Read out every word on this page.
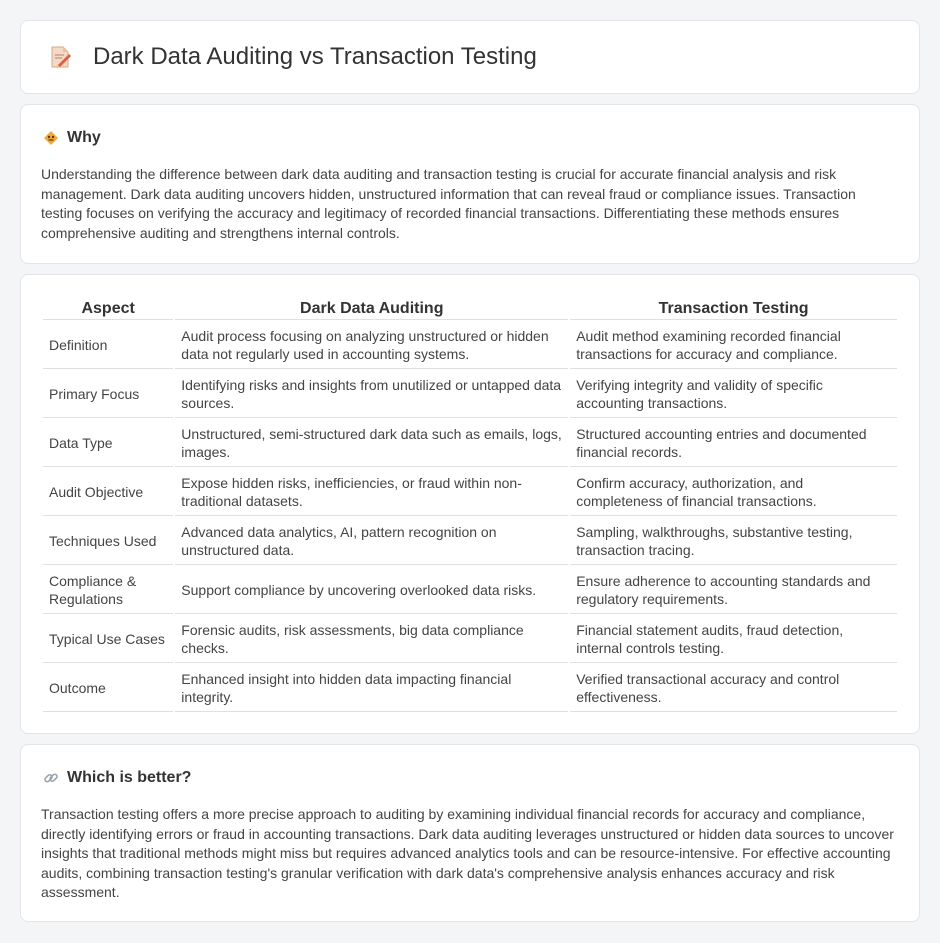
Dark Data Auditing vs Transaction Testing
Why

Understanding the difference between dark data auditing and transaction testing is crucial for accurate financial analysis and risk management. Dark data auditing uncovers hidden, unstructured information that can reveal fraud or compliance issues. Transaction testing focuses on verifying the accuracy and legitimacy of recorded financial transactions. Differentiating these methods ensures comprehensive auditing and strengthens internal controls.

Aspect	Dark Data Auditing	Transaction Testing
Definition	Audit process focusing on analyzing unstructured or hidden data not regularly used in accounting systems.	Audit method examining recorded financial transactions for accuracy and compliance.
Primary Focus	Identifying risks and insights from unutilized or untapped data sources.	Verifying integrity and validity of specific accounting transactions.
Data Type	Unstructured, semi-structured dark data such as emails, logs, images.	Structured accounting entries and documented financial records.
Audit Objective	Expose hidden risks, inefficiencies, or fraud within non-traditional datasets.	Confirm accuracy, authorization, and completeness of financial transactions.
Techniques Used	Advanced data analytics, AI, pattern recognition on unstructured data.	Sampling, walkthroughs, substantive testing, transaction tracing.
Compliance & Regulations	Support compliance by uncovering overlooked data risks.	Ensure adherence to accounting standards and regulatory requirements.
Typical Use Cases	Forensic audits, risk assessments, big data compliance checks.	Financial statement audits, fraud detection, internal controls testing.
Outcome	Enhanced insight into hidden data impacting financial integrity.	Verified transactional accuracy and control effectiveness.
Which is better?

Transaction testing offers a more precise approach to auditing by examining individual financial records for accuracy and compliance, directly identifying errors or fraud in accounting transactions. Dark data auditing leverages unstructured or hidden data sources to uncover insights that traditional methods might miss but requires advanced analytics tools and can be resource-intensive. For effective accounting audits, combining transaction testing's granular verification with dark data's comprehensive analysis enhances accuracy and risk assessment.
